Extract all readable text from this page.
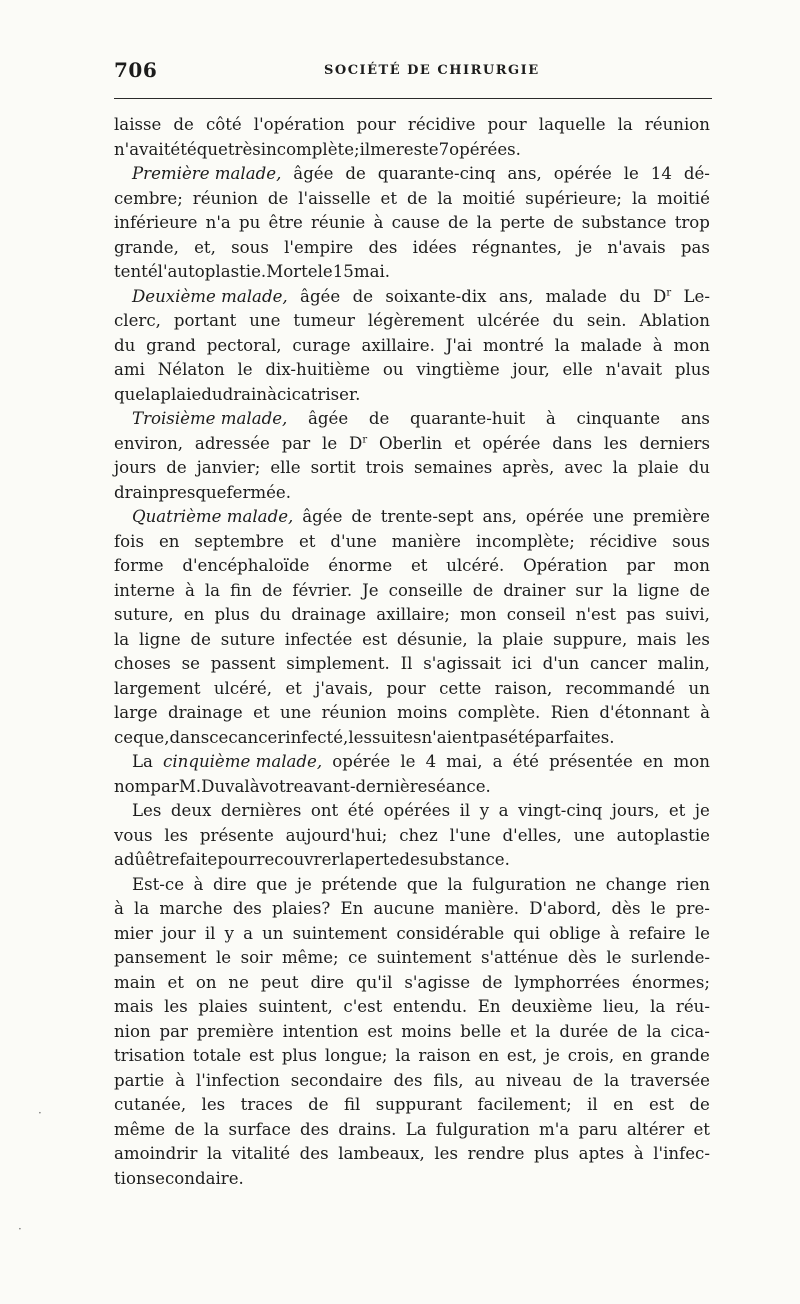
706	SOCIÉTÉ DE CHIRURGIE
laisse de côté l'opération pour récidive pour laquelle la réunion
n'avait été que très incomplète; il me reste 7 opérées.
Première malade, âgée de quarante-cinq ans, opérée le 14 dé-
cembre; réunion de l'aisselle et de la moitié supérieure; la moitié
inférieure n'a pu être réunie à cause de la perte de substance trop
grande, et, sous l'empire des idées régnantes, je n'avais pas
tenté l'autoplastie. Morte le 15 mai.
Deuxième malade, âgée de soixante-dix ans, malade du $D^r$ Le-
clerc, portant une tumeur légèrement ulcérée du sein. Ablation
du grand pectoral, curage axillaire. J'ai montré la malade à mon
ami Nélaton le dix-huitième ou vingtième jour, elle n'avait plus
que la plaie du drain à cicatriser.
Troisième malade, âgée de quarante-huit à cinquante ans
environ, adressée par le $D^r$ Oberlin et opérée dans les derniers
jours de janvier; elle sortit trois semaines après, avec la plaie du
drain presque fermée.
Quatrième malade, âgée de trente-sept ans, opérée une première
fois en septembre et d'une manière incomplète; récidive sous
forme d'encéphaloïde énorme et ulcéré. Opération par mon
interne à la fin de février. Je conseille de drainer sur la ligne de
suture, en plus du drainage axillaire; mon conseil n'est pas suivi,
la ligne de suture infectée est désunie, la plaie suppure, mais les
choses se passent simplement. Il s'agissait ici d'un cancer malin,
largement ulcéré, et j'avais, pour cette raison, recommandé un
large drainage et une réunion moins complète. Rien d'étonnant à
ce que, dans ce cancer infecté, les suites n'aient pas été parfaites.
La cinquième malade, opérée le 4 mai, a été présentée en mon
nom par M. Duval à votre avant-dernière séance.
Les deux dernières ont été opérées il y a vingt-cinq jours, et je
vous les présente aujourd'hui; chez l'une d'elles, une autoplastie
a dû être faite pour recouvrer la perte de substance.
Est-ce à dire que je prétende que la fulguration ne change rien
à la marche des plaies? En aucune manière. D'abord, dès le pre-
mier jour il y a un suintement considérable qui oblige à refaire le
pansement le soir même; ce suintement s'atténue dès le surlende-
main et on ne peut dire qu'il s'agisse de lymphorrées énormes;
mais les plaies suintent, c'est entendu. En deuxième lieu, la réu-
nion par première intention est moins belle et la durée de la cica-
trisation totale est plus longue; la raison en est, je crois, en grande
partie à l'infection secondaire des fils, au niveau de la traversée
cutanée, les traces de fil suppurant facilement; il en est de
même de la surface des drains. La fulguration m'a paru altérer et
amoindrir la vitalité des lambeaux, les rendre plus aptes à l'infec-
tion secondaire.
·
·
